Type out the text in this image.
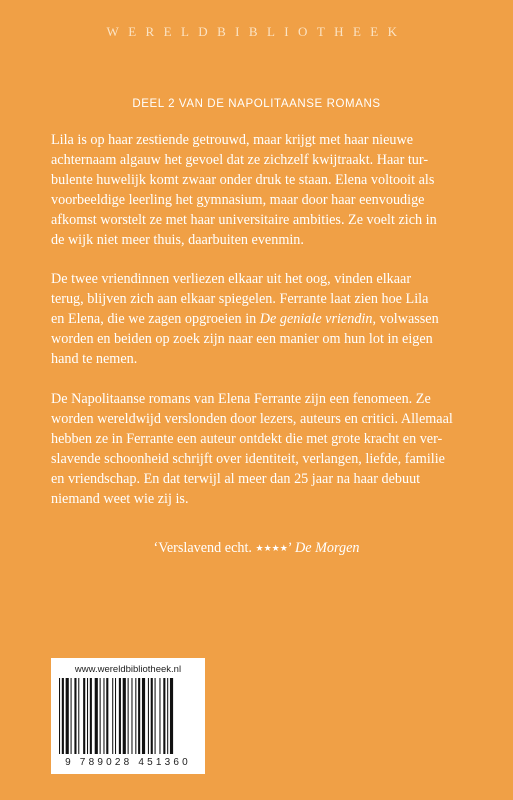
WERELDBIBLIOTHEEK
DEEL 2 VAN DE NAPOLITAANSE ROMANS

Lila is op haar zestiende getrouwd, maar krijgt met haar nieuwe
achternaam algauw het gevoel dat ze zichzelf kwijtraakt. Haar tur-
bulente huwelijk komt zwaar onder druk te staan. Elena voltooit als
voorbeeldige leerling het gymnasium, maar door haar eenvoudige
afkomst worstelt ze met haar universitaire ambities. Ze voelt zich in
de wijk niet meer thuis, daarbuiten evenmin.

De twee vriendinnen verliezen elkaar uit het oog, vinden elkaar
terug, blijven zich aan elkaar spiegelen. Ferrante laat zien hoe Lila
en Elena, die we zagen opgroeien in De geniale vriendin, volwassen
worden en beiden op zoek zijn naar een manier om hun lot in eigen
hand te nemen.

De Napolitaanse romans van Elena Ferrante zijn een fenomeen. Ze
worden wereldwijd verslonden door lezers, auteurs en critici. Allemaal
hebben ze in Ferrante een auteur ontdekt die met grote kracht en ver-
slavende schoonheid schrijft over identiteit, verlangen, liefde, familie
en vriendschap. En dat terwijl al meer dan 25 jaar na haar debuut
niemand weet wie zij is.

‘Verslavend echt. ★★★★’ De Morgen
www.wereldbibliotheek.nl
9 789028 451360
